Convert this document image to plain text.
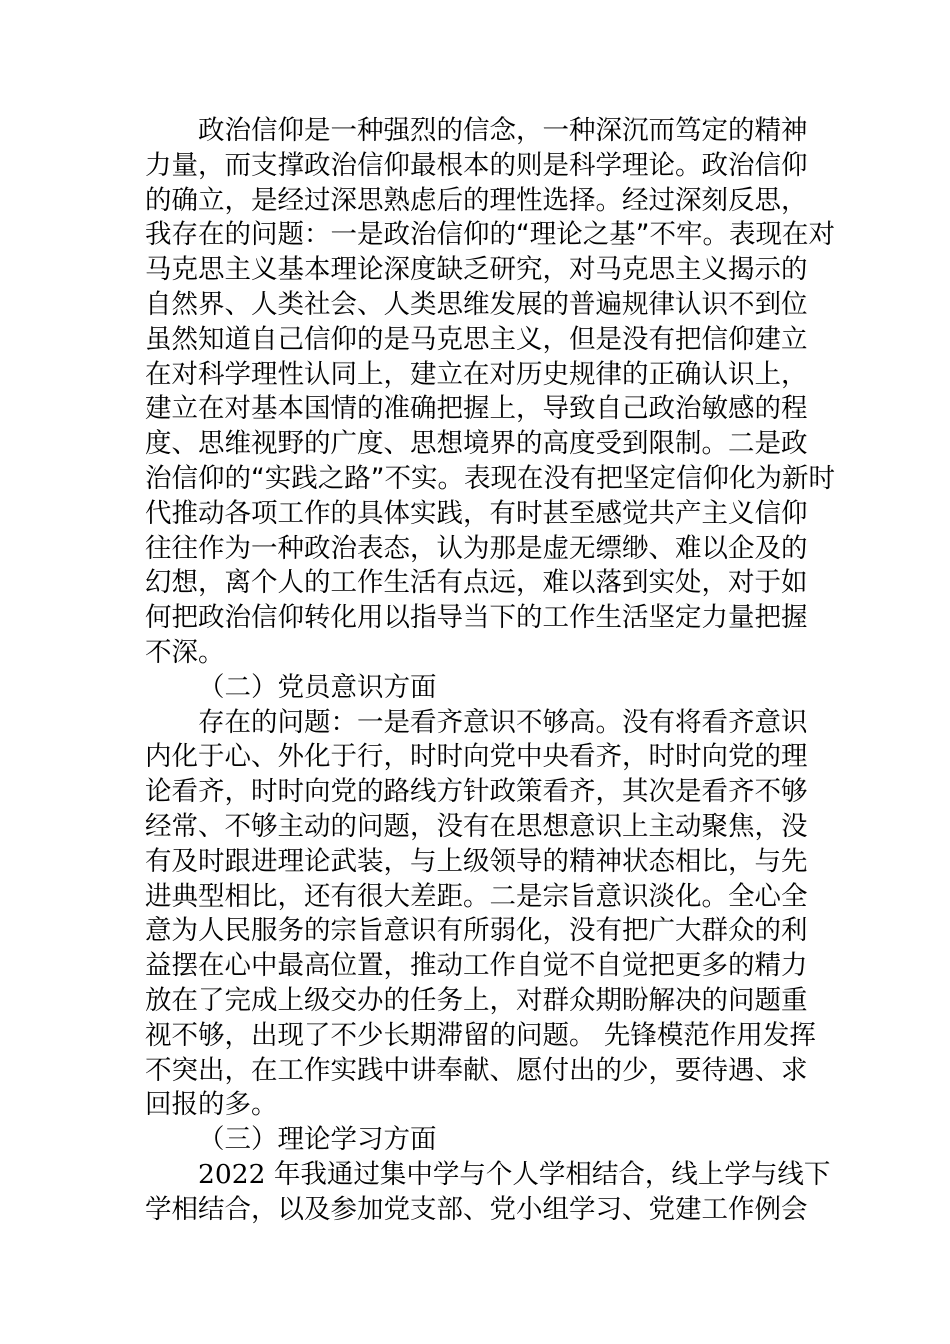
政治信仰是一种强烈的信念，一种深沉而笃定的精神
力量，而支撑政治信仰最根本的则是科学理论。政治信仰
的确立，是经过深思熟虑后的理性选择。经过深刻反思，
我存在的问题：一是政治信仰的“理论之基”不牢。表现在对
马克思主义基本理论深度缺乏研究，对马克思主义揭示的
自然界、人类社会、人类思维发展的普遍规律认识不到位
虽然知道自己信仰的是马克思主义，但是没有把信仰建立
在对科学理性认同上，建立在对历史规律的正确认识上，
建立在对基本国情的准确把握上，导致自己政治敏感的程
度、思维视野的广度、思想境界的高度受到限制。二是政
治信仰的“实践之路”不实。表现在没有把坚定信仰化为新时
代推动各项工作的具体实践，有时甚至感觉共产主义信仰
往往作为一种政治表态，认为那是虚无缥缈、难以企及的
幻想，离个人的工作生活有点远，难以落到实处，对于如
何把政治信仰转化用以指导当下的工作生活坚定力量把握
不深。
（二）党员意识方面
存在的问题：一是看齐意识不够高。没有将看齐意识
内化于心、外化于行，时时向党中央看齐，时时向党的理
论看齐，时时向党的路线方针政策看齐，其次是看齐不够
经常、不够主动的问题，没有在思想意识上主动聚焦，没
有及时跟进理论武装，与上级领导的精神状态相比，与先
进典型相比，还有很大差距。二是宗旨意识淡化。全心全
意为人民服务的宗旨意识有所弱化，没有把广大群众的利
益摆在心中最高位置，推动工作自觉不自觉把更多的精力
放在了完成上级交办的任务上，对群众期盼解决的问题重
视不够，出现了不少长期滞留的问题。 先锋模范作用发挥
不突出，在工作实践中讲奉献、愿付出的少，要待遇、求
回报的多。
（三）理论学习方面
2022 年我通过集中学与个人学相结合，线上学与线下
学相结合，以及参加党支部、党小组学习、党建工作例会
